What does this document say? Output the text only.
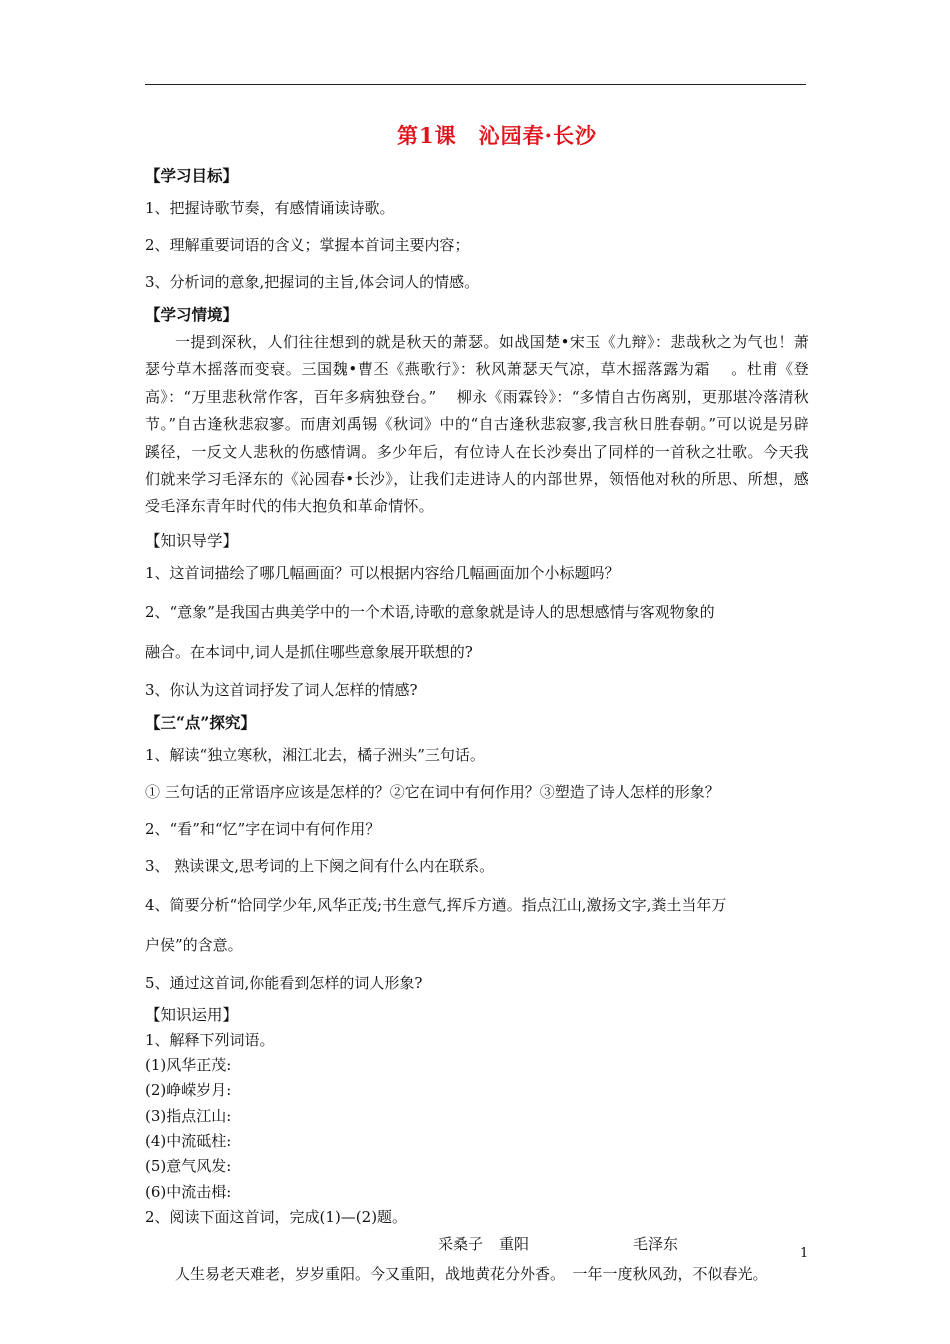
第1课 沁园春·长沙

【学习目标】

1、把握诗歌节奏，有感情诵读诗歌。

2、理解重要词语的含义；掌握本首词主要内容；

3、分析词的意象,把握词的主旨,体会词人的情感。

【学习情境】

一提到深秋，人们往往想到的就是秋天的萧瑟。如战国楚•宋玉《九辩》：悲哉秋之为气也！萧瑟兮草木摇落而变衰。三国魏•曹丕《燕歌行》：秋风萧瑟天气凉，草木摇落露为霜　 。杜甫《登高》：“万里悲秋常作客，百年多病独登台。”　 柳永《雨霖铃》：“多情自古伤离别，更那堪冷落清秋节。”自古逢秋悲寂寥。而唐刘禹锡《秋词》中的“自古逢秋悲寂寥,我言秋日胜春朝。”可以说是另辟蹊径，一反文人悲秋的伤感情调。多少年后，有位诗人在长沙奏出了同样的一首秋之壮歌。今天我们就来学习毛泽东的《沁园春•长沙》，让我们走进诗人的内部世界，领悟他对秋的所思、所想，感受毛泽东青年时代的伟大抱负和革命情怀。

【知识导学】

1、这首词描绘了哪几幅画面？可以根据内容给几幅画面加个小标题吗？

2、“意象”是我国古典美学中的一个术语,诗歌的意象就是诗人的思想感情与客观物象的

融合。在本词中,词人是抓住哪些意象展开联想的?

3、你认为这首词抒发了词人怎样的情感?

【三“点”探究】

1、解读“独立寒秋，湘江北去，橘子洲头”三句话。

① 三句话的正常语序应该是怎样的？②它在词中有何作用？③塑造了诗人怎样的形象？

2、“看”和“忆”字在词中有何作用？

3、 熟读课文,思考词的上下阕之间有什么内在联系。

4、简要分析“恰同学少年,风华正茂;书生意气,挥斥方遒。指点江山,激扬文字,粪土当年万

户侯”的含意。

5、通过这首词,你能看到怎样的词人形象?

【知识运用】

1、解释下列词语。

(1)风华正茂:

(2)峥嵘岁月:

(3)指点江山:

(4)中流砥柱:

(5)意气风发:

(6)中流击楫:

2、阅读下面这首词，完成(1)—(2)题。

采桑子 重阳	毛泽东

人生易老天难老，岁岁重阳。今又重阳，战地黄花分外香。　一年一度秋风劲，不似春光。

1
